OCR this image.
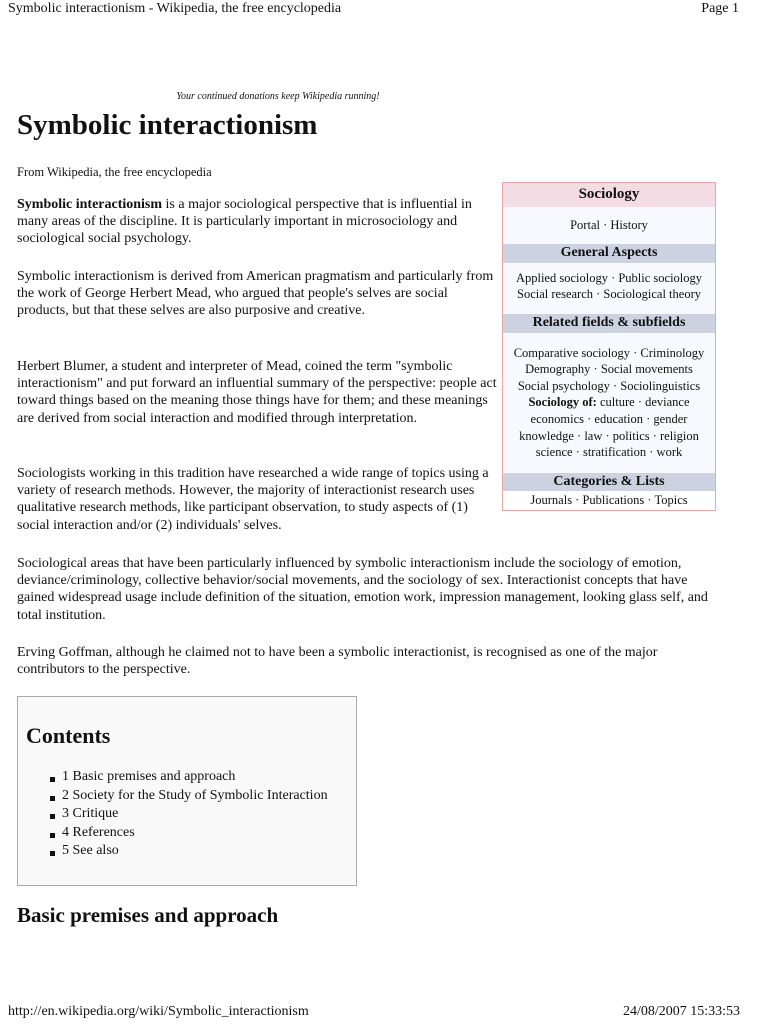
Symbolic interactionism - Wikipedia, the free encyclopedia	Page 1
Your continued donations keep Wikipedia running!
Symbolic interactionism
From Wikipedia, the free encyclopedia

Symbolic interactionism is a major sociological perspective that is influential in many areas of the discipline. It is particularly important in microsociology and sociological social psychology.

Symbolic interactionism is derived from American pragmatism and particularly from the work of George Herbert Mead, who argued that people's selves are social products, but that these selves are also purposive and creative.

Herbert Blumer, a student and interpreter of Mead, coined the term "symbolic interactionism" and put forward an influential summary of the perspective: people act toward things based on the meaning those things have for them; and these meanings are derived from social interaction and modified through interpretation.

Sociologists working in this tradition have researched a wide range of topics using a variety of research methods. However, the majority of interactionist research uses qualitative research methods, like participant observation, to study aspects of (1) social interaction and/or (2) individuals' selves.

Sociological areas that have been particularly influenced by symbolic interactionism include the sociology of emotion, deviance/criminology, collective behavior/social movements, and the sociology of sex. Interactionist concepts that have gained widespread usage include definition of the situation, emotion work, impression management, looking glass self, and total institution.

Erving Goffman, although he claimed not to have been a symbolic interactionist, is recognised as one of the major contributors to the perspective.

Sociology
Portal · History
General Aspects
Applied sociology · Public sociology
Social research · Sociological theory
Related fields & subfields
Comparative sociology · Criminology
Demography · Social movements
Social psychology · Sociolinguistics
Sociology of: culture · deviance
economics · education · gender
knowledge · law · politics · religion
science · stratification · work
Categories & Lists
Journals · Publications · Topics
Contents
1 Basic premises and approach
2 Society for the Study of Symbolic Interaction
3 Critique
4 References
5 See also
Basic premises and approach
http://en.wikipedia.org/wiki/Symbolic_interactionism	24/08/2007 15:33:53
